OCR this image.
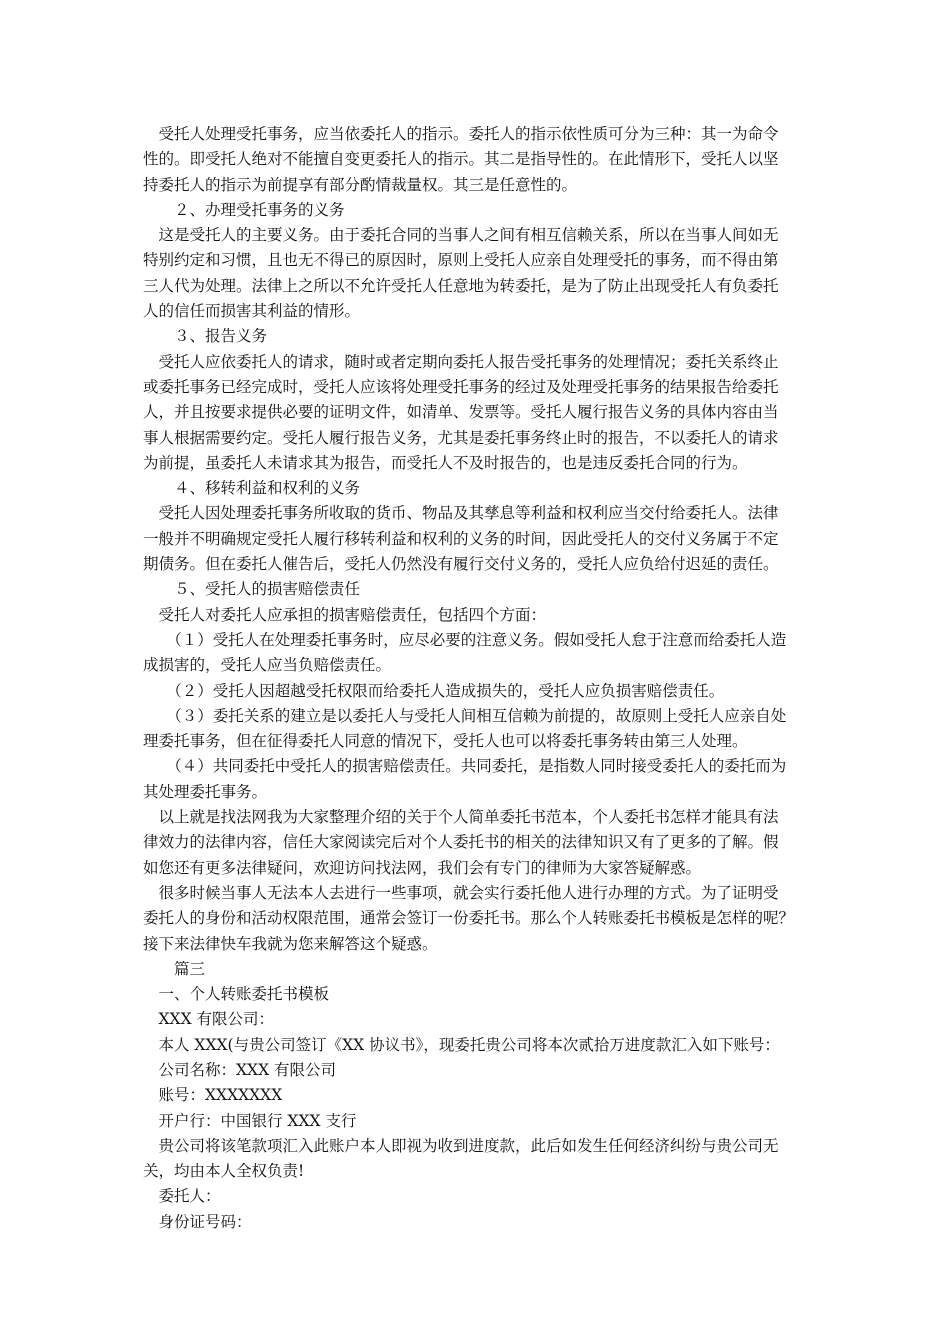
　受托人处理受托事务，应当依委托人的指示。委托人的指示依性质可分为三种：其一为命令

性的。即受托人绝对不能擅自变更委托人的指示。其二是指导性的。在此情形下，受托人以坚

持委托人的指示为前提享有部分酌情裁量权。其三是任意性的。

　　２、办理受托事务的义务

　这是受托人的主要义务。由于委托合同的当事人之间有相互信赖关系，所以在当事人间如无

特别约定和习惯，且也无不得已的原因时，原则上受托人应亲自处理受托的事务，而不得由第

三人代为处理。法律上之所以不允许受托人任意地为转委托，是为了防止出现受托人有负委托

人的信任而损害其利益的情形。

　　３、报告义务

　受托人应依委托人的请求，随时或者定期向委托人报告受托事务的处理情况；委托关系终止

或委托事务已经完成时，受托人应该将处理受托事务的经过及处理受托事务的结果报告给委托

人，并且按要求提供必要的证明文件，如清单、发票等。受托人履行报告义务的具体内容由当

事人根据需要约定。受托人履行报告义务，尤其是委托事务终止时的报告，不以委托人的请求

为前提，虽委托人未请求其为报告，而受托人不及时报告的，也是违反委托合同的行为。

　　４、移转利益和权利的义务

　受托人因处理委托事务所收取的货币、物品及其孳息等利益和权利应当交付给委托人。法律

一般并不明确规定受托人履行移转利益和权利的义务的时间，因此受托人的交付义务属于不定

期债务。但在委托人催告后，受托人仍然没有履行交付义务的，受托人应负给付迟延的责任。

　　５、受托人的损害赔偿责任

　受托人对委托人应承担的损害赔偿责任，包括四个方面：

　　（１）受托人在处理委托事务时，应尽必要的注意义务。假如受托人怠于注意而给委托人造

成损害的，受托人应当负赔偿责任。

　　（２）受托人因超越受托权限而给委托人造成损失的，受托人应负损害赔偿责任。

　　（３）委托关系的建立是以委托人与受托人间相互信赖为前提的，故原则上受托人应亲自处

理委托事务，但在征得委托人同意的情况下，受托人也可以将委托事务转由第三人处理。

　　（４）共同委托中受托人的损害赔偿责任。共同委托，是指数人同时接受委托人的委托而为

其处理委托事务。

　以上就是找法网我为大家整理介绍的关于个人简单委托书范本，个人委托书怎样才能具有法

律效力的法律内容，信任大家阅读完后对个人委托书的相关的法律知识又有了更多的了解。假

如您还有更多法律疑问，欢迎访问找法网，我们会有专门的律师为大家答疑解惑。

　很多时候当事人无法本人去进行一些事项，就会实行委托他人进行办理的方式。为了证明受

委托人的身份和活动权限范围，通常会签订一份委托书。那么个人转账委托书模板是怎样的呢？

接下来法律快车我就为您来解答这个疑惑。

　　篇三

　一、个人转账委托书模板

　XXX 有限公司：

　本人 XXX(与贵公司签订《XX 协议书》，现委托贵公司将本次贰拾万进度款汇入如下账号：

　公司名称：XXX 有限公司

　账号：XXXXXXX

　开户行：中国银行 XXX 支行

　贵公司将该笔款项汇入此账户本人即视为收到进度款，此后如发生任何经济纠纷与贵公司无

关，均由本人全权负责!

　委托人：

　身份证号码：
